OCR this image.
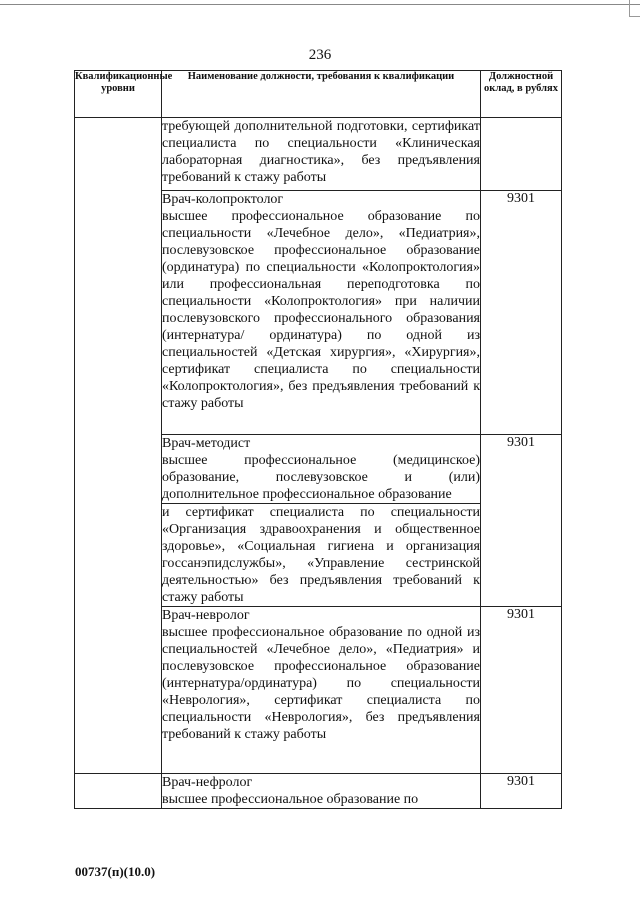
236
Квалификационные уровни	Наименование должности, требования к квалификации	Должностной оклад, в рублях

	требующей дополнительной подготовки, сертификат специалиста по специальности «Клиническая лабораторная диагностика», без предъявления требований к стажу работы	

	Врач-колопроктолог

высшее профессиональное образование по специальности «Лечебное дело», «Педиатрия», послевузовское профессиональное образование (ординатура) по специальности «Колопроктология» или профессиональная переподготовка по специальности «Колопроктология» при наличии послевузовского профессионального образования (интернатура/ ординатура) по одной из специальностей «Детская хирургия», «Хирургия», сертификат специалиста по специальности «Колопроктология», без предъявления требований к стажу работы	9301

	Врач-методист

высшее профессиональное (медицинское) образование, послевузовское и (или) дополнительное профессиональное образование	9301

	и сертификат специалиста по специальности «Организация здравоохранения и общественное здоровье», «Социальная гигиена и организация госсанэпидслужбы», «Управление сестринской деятельностью» без предъявления требований к стажу работы	

	Врач-невролог

высшее профессиональное образование по одной из специальностей «Лечебное дело», «Педиатрия» и послевузовское профессиональное образование (интернатура/ординатура) по специальности «Неврология», сертификат специалиста по специальности «Неврология», без предъявления требований к стажу работы	9301

	Врач-нефролог

высшее профессиональное образование по	9301
00737(п)(10.0)
